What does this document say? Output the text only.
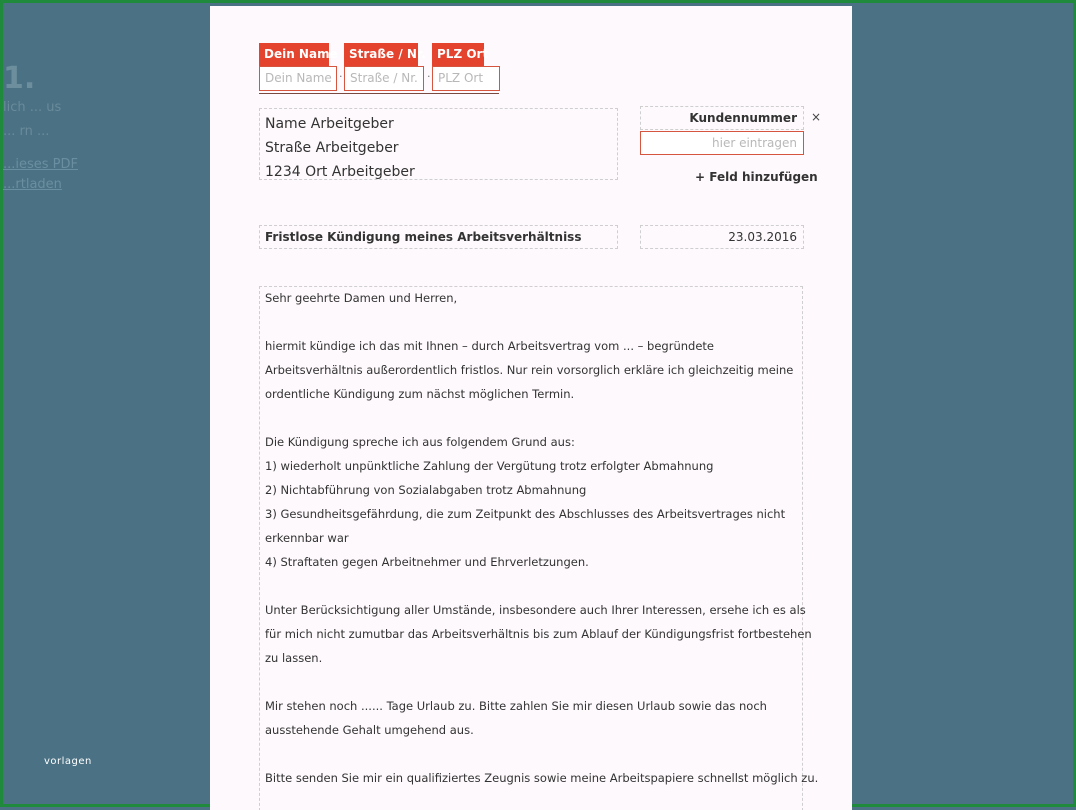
1.
lich ... us
... rn ...
...ieses PDF
...rtladen
vorlagen
Dein Name Straße / Nr. PLZ Ort
Dein Name · Straße / Nr. · PLZ Ort
Name Arbeitgeber
Straße Arbeitgeber
1234 Ort Arbeitgeber
Kundennummer	×
hier eintragen
+ Feld hinzufügen
Fristlose Kündigung meines Arbeitsverhältniss	23.03.2016
Sehr geehrte Damen und Herren,
hiermit kündige ich das mit Ihnen – durch Arbeitsvertrag vom ... – begründete
Arbeitsverhältnis außerordentlich fristlos. Nur rein vorsorglich erkläre ich gleichzeitig meine
ordentliche Kündigung zum nächst möglichen Termin.
Die Kündigung spreche ich aus folgendem Grund aus:
1) wiederholt unpünktliche Zahlung der Vergütung trotz erfolgter Abmahnung
2) Nichtabführung von Sozialabgaben trotz Abmahnung
3) Gesundheitsgefährdung, die zum Zeitpunkt des Abschlusses des Arbeitsvertrages nicht
erkennbar war
4) Straftaten gegen Arbeitnehmer und Ehrverletzungen.
Unter Berücksichtigung aller Umstände, insbesondere auch Ihrer Interessen, ersehe ich es als
für mich nicht zumutbar das Arbeitsverhältnis bis zum Ablauf der Kündigungsfrist fortbestehen
zu lassen.
Mir stehen noch ...... Tage Urlaub zu. Bitte zahlen Sie mir diesen Urlaub sowie das noch
ausstehende Gehalt umgehend aus.
Bitte senden Sie mir ein qualifiziertes Zeugnis sowie meine Arbeitspapiere schnellst möglich zu.
